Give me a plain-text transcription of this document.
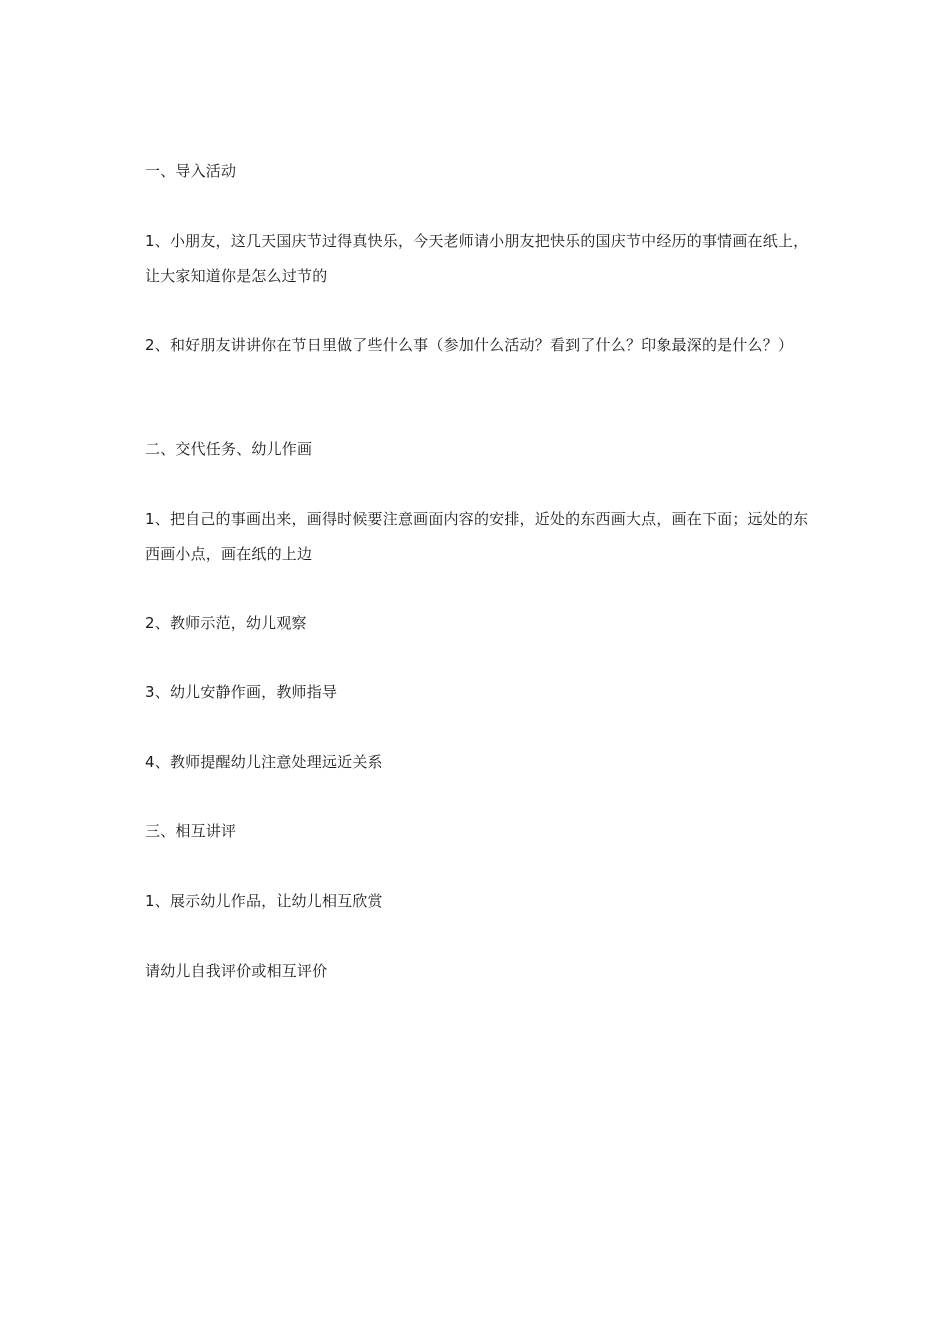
一、导入活动

1、小朋友，这几天国庆节过得真快乐，今天老师请小朋友把快乐的国庆节中经历的事情画在纸上，让大家知道你是怎么过节的

2、和好朋友讲讲你在节日里做了些什么事（参加什么活动？看到了什么？印象最深的是什么？）

二、交代任务、幼儿作画

1、把自己的事画出来，画得时候要注意画面内容的安排，近处的东西画大点，画在下面；远处的东西画小点，画在纸的上边

2、教师示范，幼儿观察

3、幼儿安静作画，教师指导

4、教师提醒幼儿注意处理远近关系

三、相互讲评

1、展示幼儿作品，让幼儿相互欣赏

请幼儿自我评价或相互评价
